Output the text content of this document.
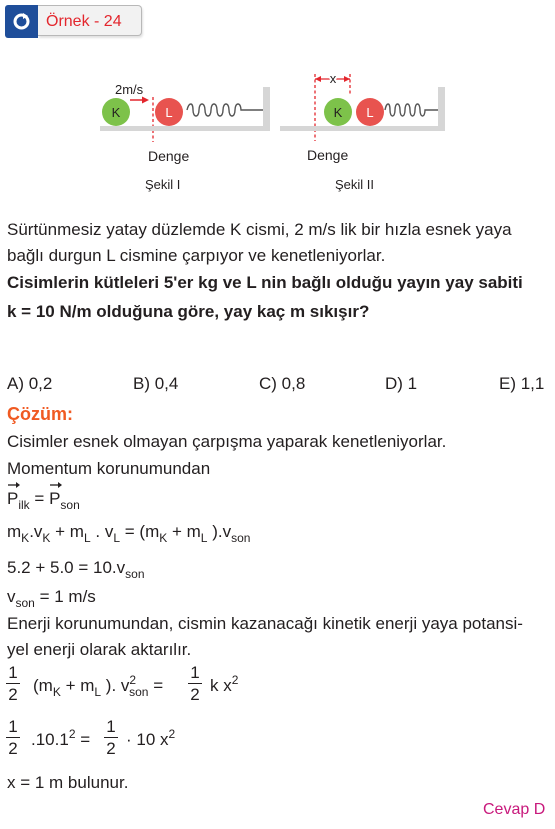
Örnek - 24
2m/s
K	L
Denge
Şekil I
x
K L
Denge
Şekil II
Sürtünmesiz yatay düzlemde K cismi, 2 m/s lik bir hızla esnek yaya
bağlı durgun L cismine çarpıyor ve kenetleniyorlar.
Cisimlerin kütleleri 5'er kg ve L nin bağlı olduğu yayın yay sabiti
k = 10 N/m olduğuna göre, yay kaç m sıkışır?
A) 0,2	B) 0,4	C) 0,8	D) 1	E) 1,1
Çözüm:
Cisimler esnek olmayan çarpışma yaparak kenetleniyorlar.
Momentum korunumundan
$P_{ilk}$ =
$P_{son}$
$m_K.v_K + m_L$ . $v_L = (m_K + m_L$ )$.v_{son}$
$5.2 + 5.0 = 10.v_{son}$
$v_{son} = 1$ m/s
Enerji korunumundan, cismin kazanacağı kinetik enerji yaya potansi-
yel enerji olarak aktarılır.
1
2 ($m_K + m_L$ ). $v^2_{son}$ =
1
2 k $x^2$
1
2 $.10.1^2$ =
1
2 · 10 $x^2$
x = 1 m bulunur.
Cevap D
